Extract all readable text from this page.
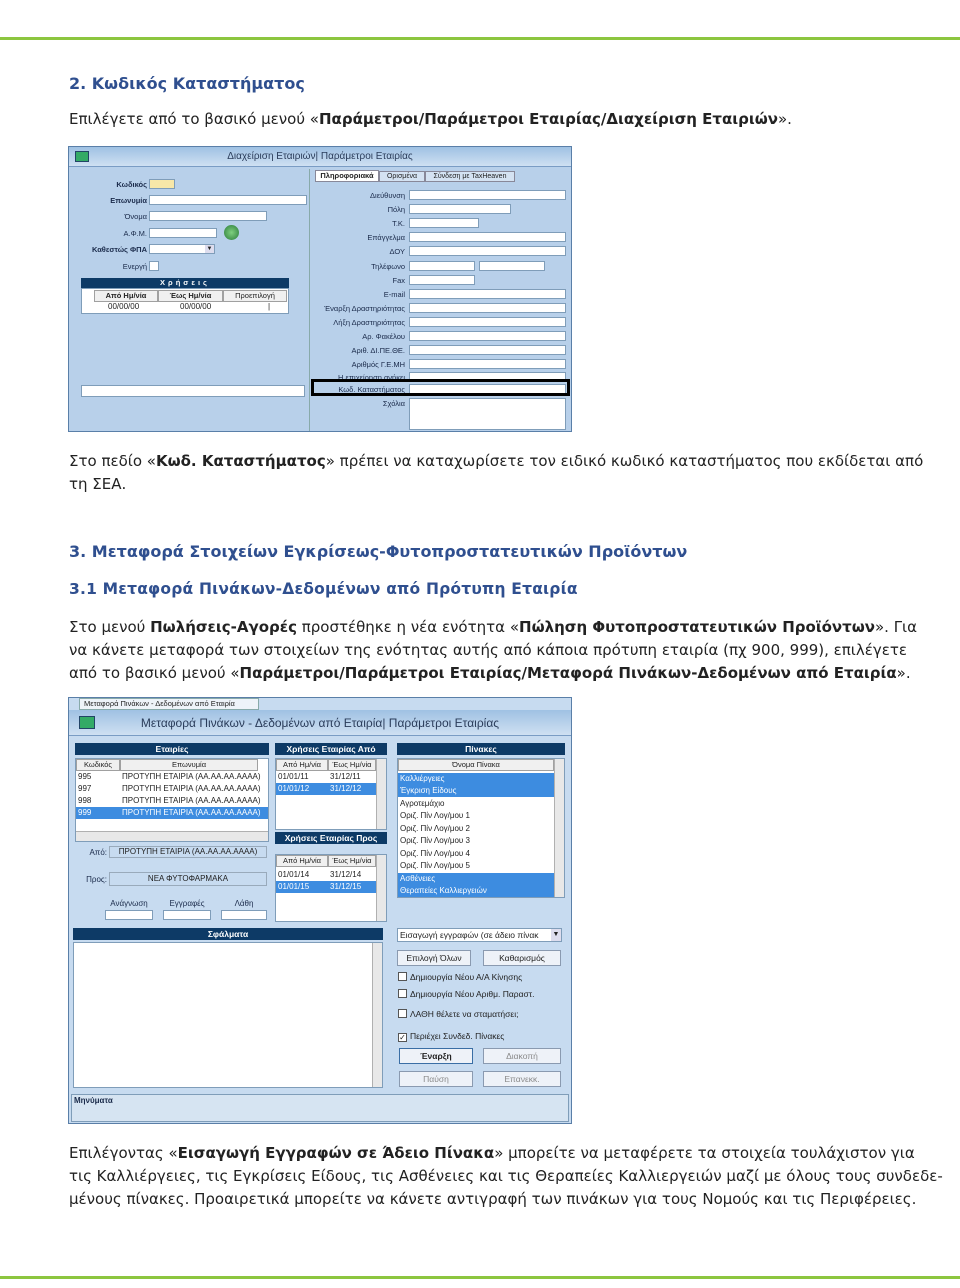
2. Κωδικός Καταστήματος
Επιλέγετε από το βασικό μενού «Παράμετροι/Παράμετροι Εταιρίας/Διαχείριση Εταιριών».
Διαχείριση Εταιριών| Παράμετροι Εταιρίας
Κωδικός
Επωνυμία
Όνομα
Α.Φ.Μ.
Καθεστώς ΦΠΑ	▼
Ενεργή
Χρήσεις
Από Ημ/νία	Έως Ημ/νία	Προεπιλογή
00/00/00	00/00/00	|
Πληροφοριακά	Ορισμένα	Σύνδεση με TaxHeaven
Διεύθυνση
Πόλη
Τ.Κ.
Επάγγελμα
ΔΟΥ
Τηλέφωνο
Fax
E-mail
Έναρξη Δραστηριότητας
Λήξη Δραστηριότητας
Αρ. Φακέλου
Αριθ. ΔΙ.ΠΕ.ΘΕ.
Αριθμός Γ.Ε.ΜΗ
Η επιχείρηση ανήκει
Κωδ. Καταστήματος
Σχόλια
Στο πεδίο «Κωδ. Καταστήματος» πρέπει να καταχωρίσετε τον ειδικό κωδικό καταστήματος που εκδίδεται από
τη ΣΕΑ.
3. Μεταφορά Στοιχείων Εγκρίσεως-Φυτοπροστατευτικών Προϊόντων
3.1 Μεταφορά Πινάκων-Δεδομένων από Πρότυπη Εταιρία
Στο μενού Πωλήσεις-Αγορές προστέθηκε η νέα ενότητα «Πώληση Φυτοπροστατευτικών Προϊόντων». Για
να κάνετε μεταφορά των στοιχείων της ενότητας αυτής από κάποια πρότυπη εταιρία (πχ 900, 999), επιλέγετε
από το βασικό μενού «Παράμετροι/Παράμετροι Εταιρίας/Μεταφορά Πινάκων-Δεδομένων από Εταιρία».
Μεταφορά Πινάκων - Δεδομένων από Εταιρία
Μεταφορά Πινάκων - Δεδομένων από Εταιρία| Παράμετροι Εταιρίας
Εταιρίες
Κωδικός	Επωνυμία
995	ΠΡΟΤΥΠΗ ΕΤΑΙΡΙΑ (ΑΑ.ΑΑ.ΑΑ.ΑΑΑΑ)
997	ΠΡΟΤΥΠΗ ΕΤΑΙΡΙΑ (ΑΑ.ΑΑ.ΑΑ.ΑΑΑΑ)
998	ΠΡΟΤΥΠΗ ΕΤΑΙΡΙΑ (ΑΑ.ΑΑ.ΑΑ.ΑΑΑΑ)
999	ΠΡΟΤΥΠΗ ΕΤΑΙΡΙΑ (ΑΑ.ΑΑ.ΑΑ.ΑΑΑΑ)
Από:	ΠΡΟΤΥΠΗ ΕΤΑΙΡΙΑ (ΑΑ.ΑΑ.ΑΑ.ΑΑΑΑ)
Προς:	ΝΕΑ ΦΥΤΟΦΑΡΜΑΚΑ
Ανάγνωση	Εγγραφές	Λάθη
Σφάλματα
Χρήσεις Εταιρίας Από
Από Ημ/νία	Έως Ημ/νία
01/01/11	31/12/11
01/01/12	31/12/12
Χρήσεις Εταιρίας Προς
Από Ημ/νία	Έως Ημ/νία
01/01/14	31/12/14
01/01/15	31/12/15
Πίνακες
Όνομα Πίνακα
Καλλιέργειες
Έγκριση Είδους
Αγροτεμάχιο
Οριζ. Πίν Λογ/μου 1
Οριζ. Πίν Λογ/μου 2
Οριζ. Πίν Λογ/μου 3
Οριζ. Πίν Λογ/μου 4
Οριζ. Πίν Λογ/μου 5
Ασθένειες
Θεραπείες Καλλιεργειών
Εισαγωγή εγγραφών (σε άδειο πίνακ ▼
Επιλογή Όλων	Καθαρισμός
Δημιουργία Νέου Α/Α Κίνησης
Δημιουργία Νέου Αριθμ. Παραστ.
ΛΑΘΗ θέλετε να σταματήσει;
✓ Περιέχει Συνδεδ. Πίνακες
Έναρξη	Διακοπή
Παύση	Επανεκκ.
Μηνύματα
Επιλέγοντας «Εισαγωγή Εγγραφών σε Άδειο Πίνακα» μπορείτε να μεταφέρετε τα στοιχεία τουλάχιστον για
τις Καλλιέργειες, τις Εγκρίσεις Είδους, τις Ασθένειες και τις Θεραπείες Καλλιεργειών μαζί με όλους τους συνδεδε-
μένους πίνακες. Προαιρετικά μπορείτε να κάνετε αντιγραφή των πινάκων για τους Νομούς και τις Περιφέρειες.
